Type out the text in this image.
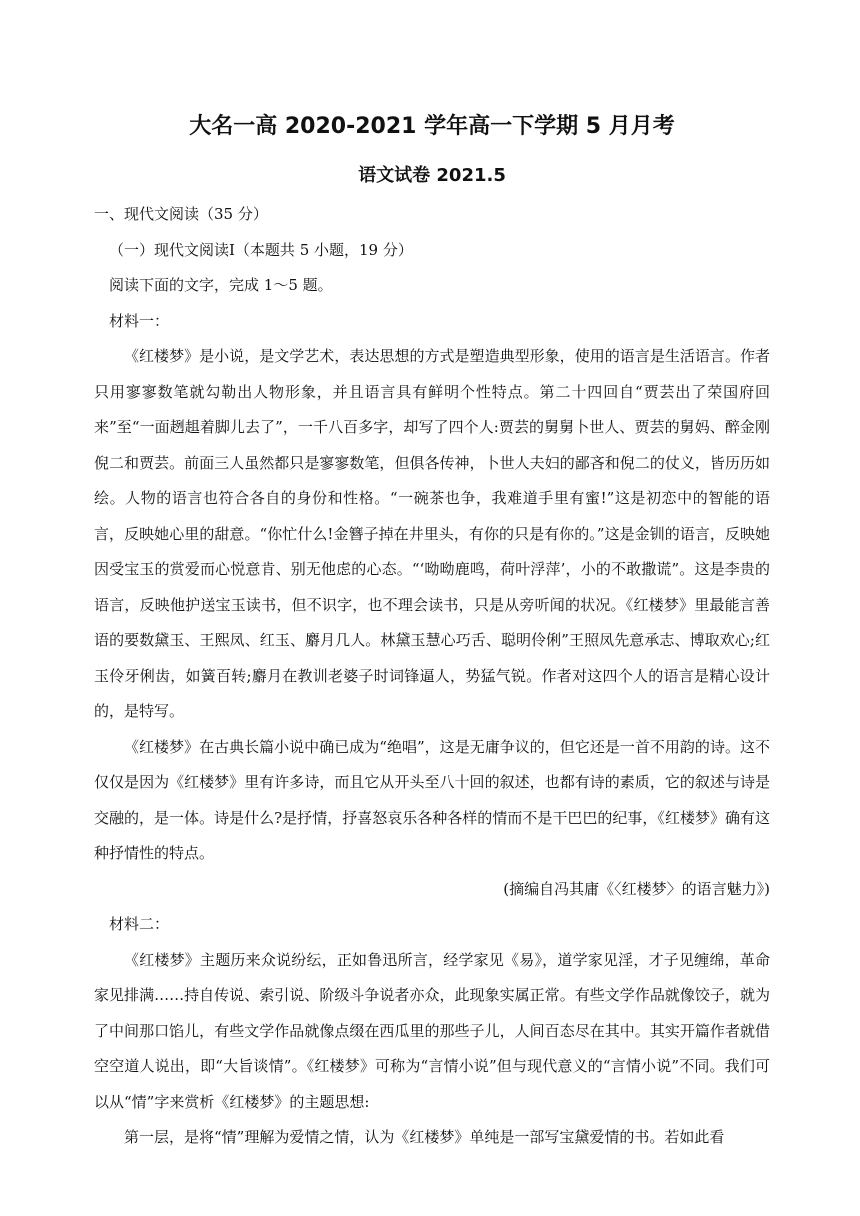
大名一高 2020-2021 学年高一下学期 5 月月考
语文试卷 2021.5

一、现代文阅读（35 分）

（一）现代文阅读Ⅰ（本题共 5 小题，19 分）

阅读下面的文字，完成 1～5 题。

材料一：

《红楼梦》是小说，是文学艺术，表达思想的方式是塑造典型形象，使用的语言是生活语言。作者只用寥寥数笔就勾勒出人物形象，并且语言具有鲜明个性特点。第二十四回自“贾芸出了荣国府回来”至“一面趔趄着脚儿去了”，一千八百多字，却写了四个人:贾芸的舅舅卜世人、贾芸的舅妈、醉金刚倪二和贾芸。前面三人虽然都只是寥寥数笔，但俱各传神，卜世人夫妇的鄙吝和倪二的仗义，皆历历如绘。人物的语言也符合各自的身份和性格。“一碗茶也争，我难道手里有蜜!”这是初恋中的智能的语言，反映她心里的甜意。“你忙什么!金簪子掉在井里头，有你的只是有你的。”这是金钏的语言，反映她因受宝玉的赏爱而心悦意肯、别无他虑的心态。“‘呦呦鹿鸣，荷叶浮萍’，小的不敢撒谎”。这是李贵的语言，反映他护送宝玉读书，但不识字，也不理会读书，只是从旁听闻的状况。《红楼梦》里最能言善语的要数黛玉、王熙凤、红玉、麝月几人。林黛玉慧心巧舌、聪明伶俐”王照凤先意承志、博取欢心;红玉伶牙俐齿，如簧百转;麝月在教训老婆子时词锋逼人，势猛气锐。作者对这四个人的语言是精心设计的，是特写。

《红楼梦》在古典长篇小说中确已成为“绝唱”，这是无庸争议的，但它还是一首不用韵的诗。这不仅仅是因为《红楼梦》里有许多诗，而且它从开头至八十回的叙述，也都有诗的素质，它的叙述与诗是交融的，是一体。诗是什么?是抒情，抒喜怒哀乐各种各样的情而不是干巴巴的纪事，《红楼梦》确有这种抒情性的特点。

(摘编自冯其庸《〈红楼梦〉的语言魅力》)

材料二：

《红楼梦》主题历来众说纷纭，正如鲁迅所言，经学家见《易》，道学家见淫，才子见缠绵，革命家见排满……持自传说、索引说、阶级斗争说者亦众，此现象实属正常。有些文学作品就像饺子，就为了中间那口馅儿，有些文学作品就像点缀在西瓜里的那些子儿，人间百态尽在其中。其实开篇作者就借空空道人说出，即“大旨谈情”。《红楼梦》可称为“言情小说”但与现代意义的“言情小说”不同。我们可以从“情”字来赏析《红楼梦》的主题思想:

第一层，是将“情”理解为爱情之情，认为《红楼梦》单纯是一部写宝黛爱情的书。若如此看
